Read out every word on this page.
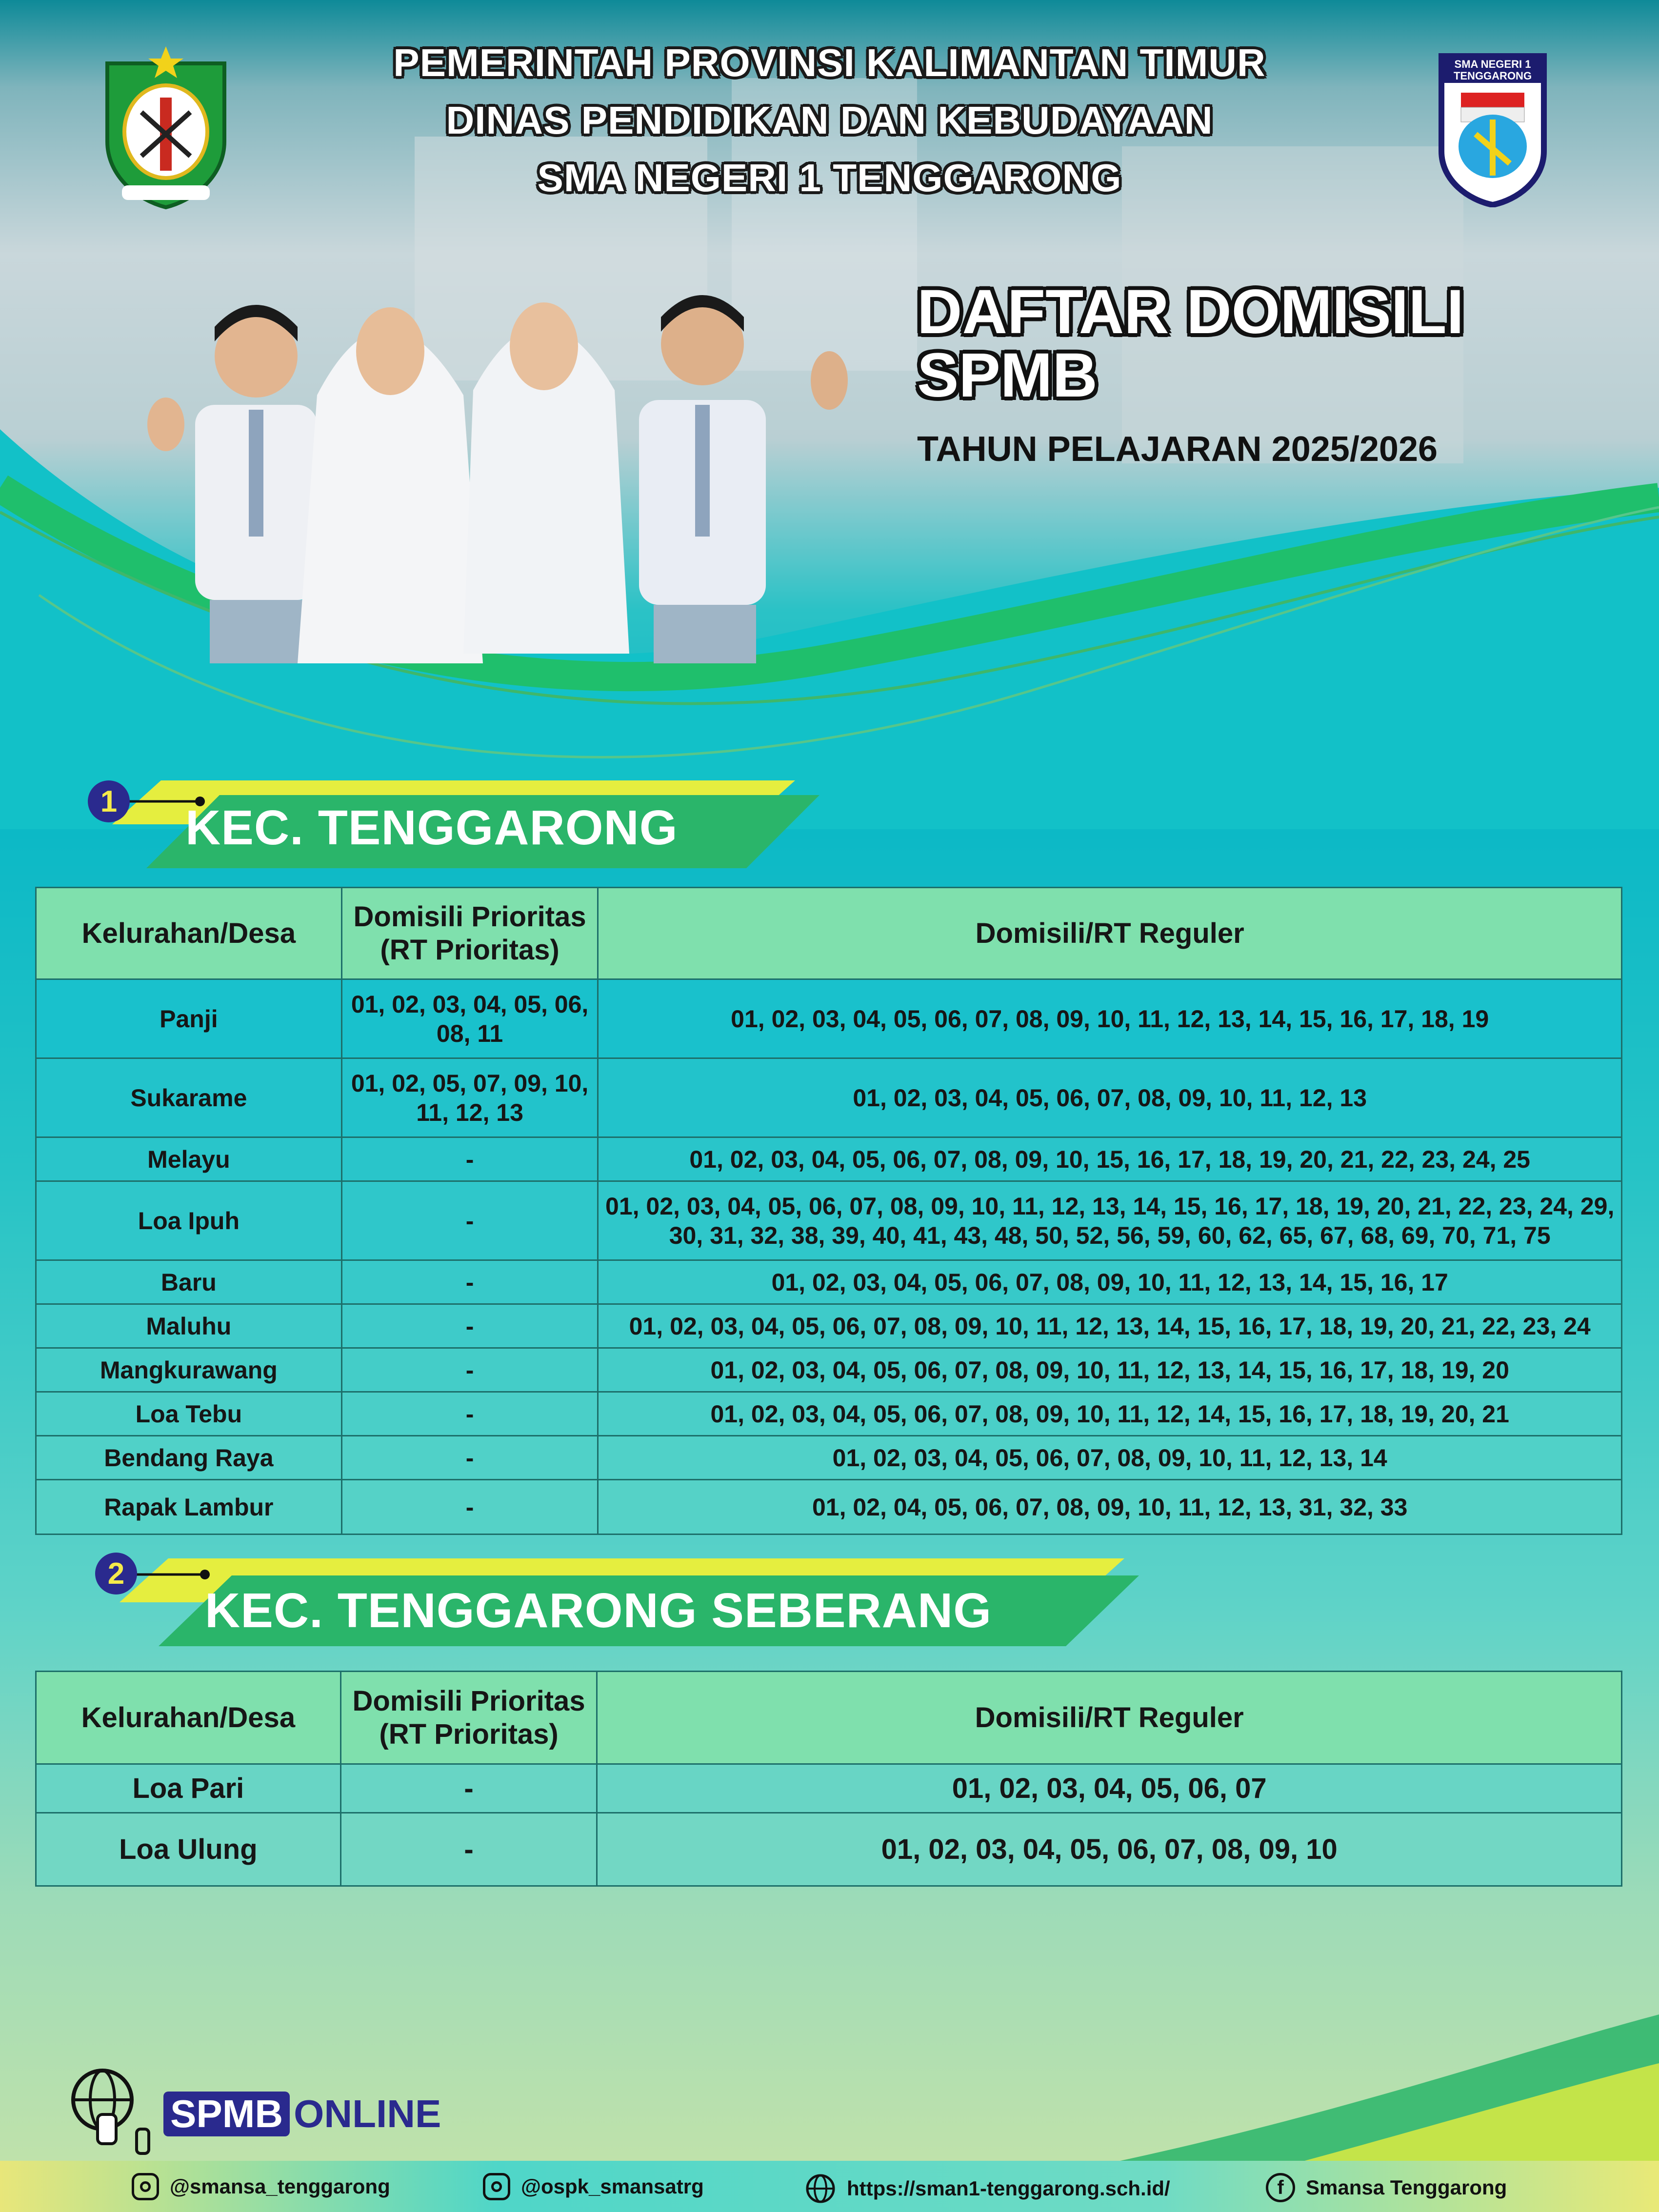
SMA NEGERI 1 TENGGARONG
PEMERINTAH PROVINSI KALIMANTAN TIMUR
DINAS PENDIDIKAN DAN KEBUDAYAAN
SMA NEGERI 1 TENGGARONG
DAFTAR DOMISILI
SPMB
TAHUN PELAJARAN 2025/2026
1 KEC. TENGGARONG
Kelurahan/Desa	Domisili Prioritas (RT Prioritas)	Domisili/RT Reguler
Panji	01, 02, 03, 04, 05, 06, 08, 11	01, 02, 03, 04, 05, 06, 07, 08, 09, 10, 11, 12, 13, 14, 15, 16, 17, 18, 19
Sukarame	01, 02, 05, 07, 09, 10, 11, 12, 13	01, 02, 03, 04, 05, 06, 07, 08, 09, 10, 11, 12, 13
Melayu	-	01, 02, 03, 04, 05, 06, 07, 08, 09, 10, 15, 16, 17, 18, 19, 20, 21, 22, 23, 24, 25
Loa Ipuh	-	01, 02, 03, 04, 05, 06, 07, 08, 09, 10, 11, 12, 13, 14, 15, 16, 17, 18, 19, 20, 21, 22, 23, 24, 29, 30, 31, 32, 38, 39, 40, 41, 43, 48, 50, 52, 56, 59, 60, 62, 65, 67, 68, 69, 70, 71, 75
Baru	-	01, 02, 03, 04, 05, 06, 07, 08, 09, 10, 11, 12, 13, 14, 15, 16, 17
Maluhu	-	01, 02, 03, 04, 05, 06, 07, 08, 09, 10, 11, 12, 13, 14, 15, 16, 17, 18, 19, 20, 21, 22, 23, 24
Mangkurawang	-	01, 02, 03, 04, 05, 06, 07, 08, 09, 10, 11, 12, 13, 14, 15, 16, 17, 18, 19, 20
Loa Tebu	-	01, 02, 03, 04, 05, 06, 07, 08, 09, 10, 11, 12, 14, 15, 16, 17, 18, 19, 20, 21
Bendang Raya	-	01, 02, 03, 04, 05, 06, 07, 08, 09, 10, 11, 12, 13, 14
Rapak Lambur	-	01, 02, 04, 05, 06, 07, 08, 09, 10, 11, 12, 13, 31, 32, 33
2
KEC. TENGGARONG SEBERANG
Kelurahan/Desa	Domisili Prioritas (RT Prioritas)	Domisili/RT Reguler
Loa Pari	-	01, 02, 03, 04, 05, 06, 07
Loa Ulung	-	01, 02, 03, 04, 05, 06, 07, 08, 09, 10
SPMB ONLINE
@smansa_tenggarong	@ospk_smansatrg	https://sman1-tenggarong.sch.id/	f	Smansa Tenggarong
